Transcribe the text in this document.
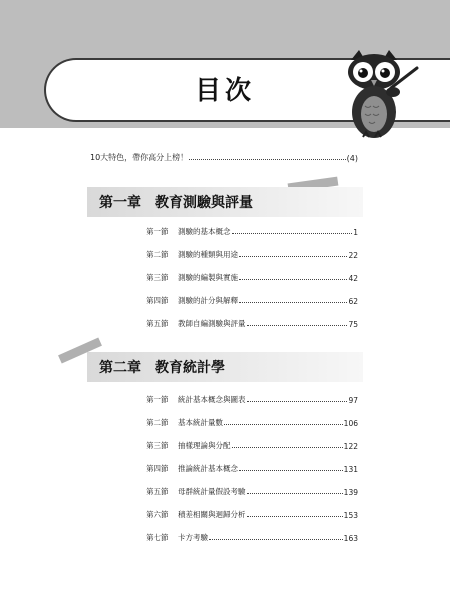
目次
10大特色，帶你高分上榜！	(4)
第一章　教育測驗與評量
第一節	測驗的基本概念	1
第二節	測驗的種類與用途	22
第三節	測驗的編製與實施	42
第四節	測驗的計分與解釋	62
第五節	教師自編測驗與評量	75
第二章　教育統計學
第一節	統計基本概念與圖表	97
第二節	基本統計量數	106
第三節	抽樣理論與分配	122
第四節	推論統計基本概念	131
第五節	母群統計量假設考驗	139
第六節	積差相關與迴歸分析	153
第七節	卡方考驗	163
